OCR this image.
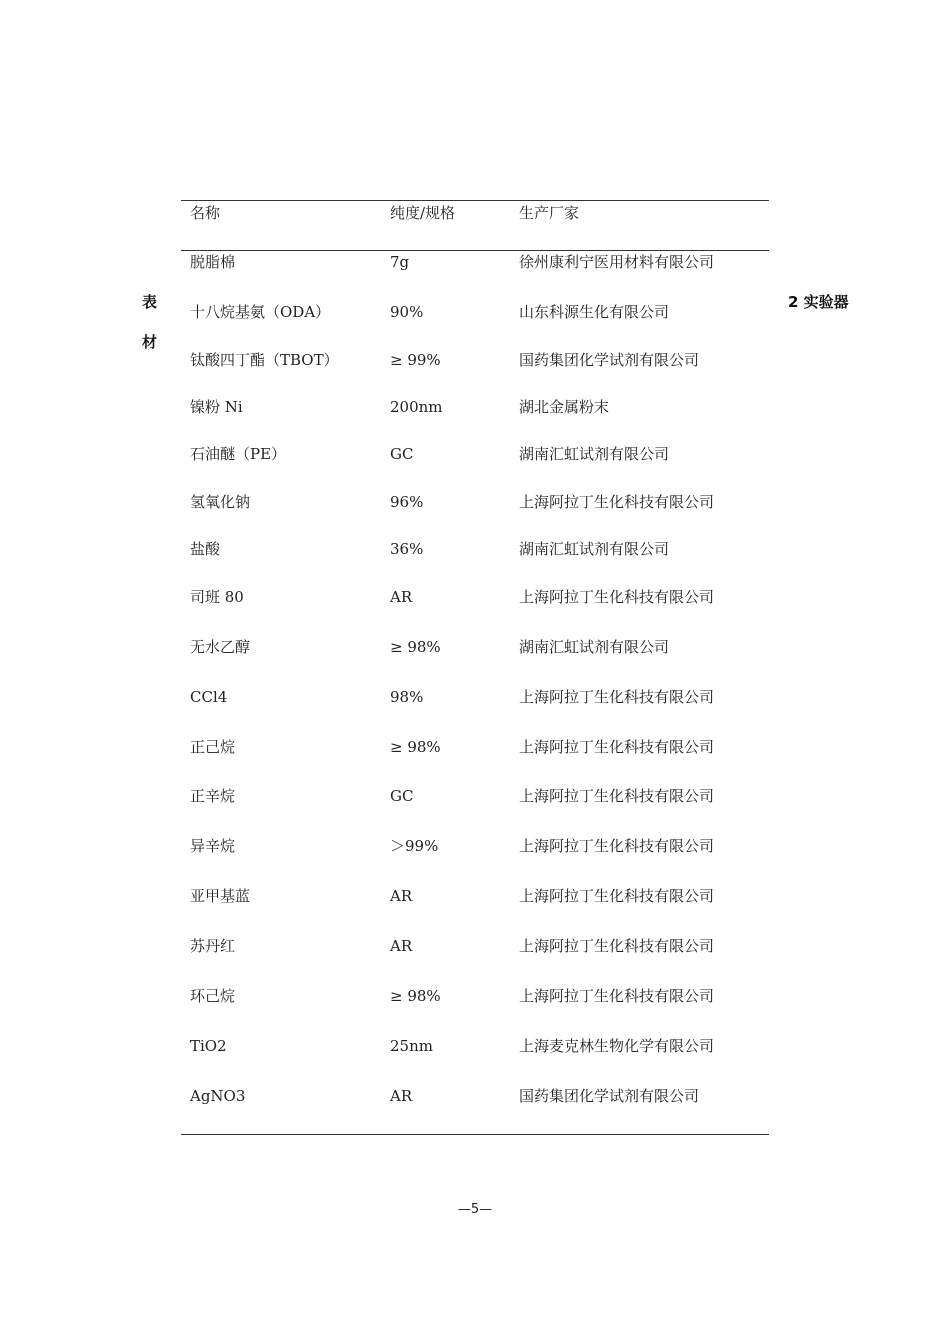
表
材
2 实验器
名称	纯度/规格	生产厂家
脱脂棉	7g	徐州康利宁医用材料有限公司
十八烷基氨（ODA）	90%	山东科源生化有限公司
钛酸四丁酯（TBOT）	≥ 99%	国药集团化学试剂有限公司
镍粉 Ni	200nm	湖北金属粉末
石油醚（PE）	GC	湖南汇虹试剂有限公司
氢氧化钠	96%	上海阿拉丁生化科技有限公司
盐酸	36%	湖南汇虹试剂有限公司
司班 80	AR	上海阿拉丁生化科技有限公司
无水乙醇	≥ 98%	湖南汇虹试剂有限公司
CCl4	98%	上海阿拉丁生化科技有限公司
正己烷	≥ 98%	上海阿拉丁生化科技有限公司
正辛烷	GC	上海阿拉丁生化科技有限公司
异辛烷	＞99%	上海阿拉丁生化科技有限公司
亚甲基蓝	AR	上海阿拉丁生化科技有限公司
苏丹红	AR	上海阿拉丁生化科技有限公司
环己烷	≥ 98%	上海阿拉丁生化科技有限公司
TiO2	25nm	上海麦克林生物化学有限公司
AgNO3	AR	国药集团化学试剂有限公司
—5—
